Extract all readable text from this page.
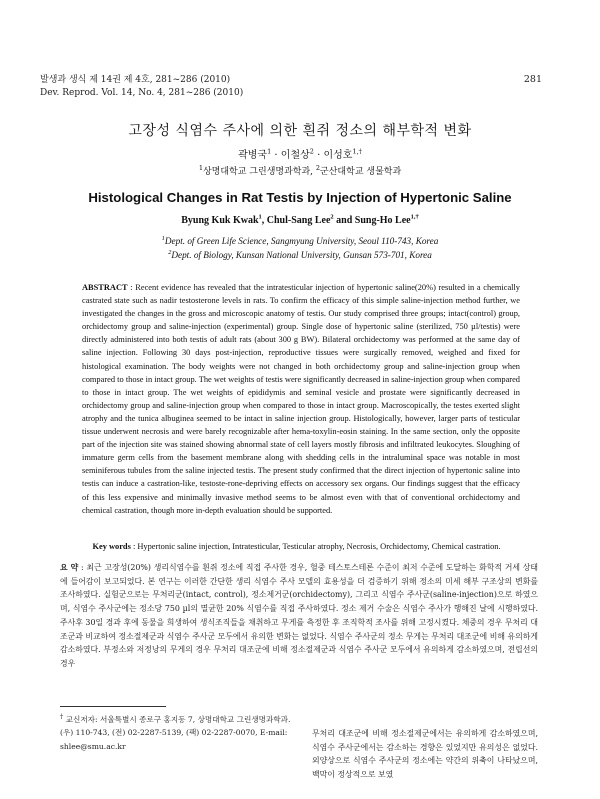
발생과 생식 제 14권 제 4호, 281~286 (2010)
Dev. Reprod. Vol. 14, No. 4, 281~286 (2010)
281
고장성 식염수 주사에 의한 흰쥐 정소의 해부학적 변화
곽병국$^1$ · 이철상$^2$ · 이성호$^{1,\dagger}$
$^1$상명대학교 그린생명과학과, $^2$군산대학교 생물학과
Histological Changes in Rat Testis by Injection of Hypertonic Saline
Byung Kuk Kwak$^1$, Chul-Sang Lee$^2$ and Sung-Ho Lee$^{1,\dagger}$
$^1$Dept. of Green Life Science, Sangmyung University, Seoul 110-743, Korea
$^2$Dept. of Biology, Kunsan National University, Gunsan 573-701, Korea

ABSTRACT : Recent evidence has revealed that the intratesticular injection of hypertonic saline(20%) resulted in a chemically castrated state such as nadir testosterone levels in rats. To confirm the efficacy of this simple saline-injection method further, we investigated the changes in the gross and microscopic anatomy of testis. Our study comprised three groups; intact(control) group, orchidectomy group and saline-injection (experimental) group. Single dose of hypertonic saline (sterilized, 750 µl/testis) were directly administered into both testis of adult rats (about 300 g BW). Bilateral orchidectomy was performed at the same day of saline injection. Following 30 days post-injection, reproductive tissues were surgically removed, weighed and fixed for histological examination. The body weights were not changed in both orchidectomy group and saline-injection group when compared to those in intact group. The wet weights of testis were significantly decreased in saline-injection group when compared to those in intact group. The wet weights of epididymis and seminal vesicle and prostate were significantly decreased in orchidectomy group and saline-injection group when compared to those in intact group. Macroscopically, the testes exerted slight atrophy and the tunica albuginea seemed to be intact in saline injection group. Histologically, however, larger parts of testicular tissue underwent necrosis and were barely recognizable after hema-toxylin-eosin staining. In the same section, only the opposite part of the injection site was stained showing abnormal state of cell layers mostly fibrosis and infiltrated leukocytes. Sloughing of immature germ cells from the basement membrane along with shedding cells in the intraluminal space was notable in most seminiferous tubules from the saline injected testis. The present study confirmed that the direct injection of hypertonic saline into testis can induce a castration-like, testoste-rone-depriving effects on accessory sex organs. Our findings suggest that the efficacy of this less expensive and minimally invasive method seems to be almost even with that of conventional orchidectomy and chemical castration, though more in-depth evaluation should be supported.

Key words : Hypertonic saline injection, Intratesticular, Testicular atrophy, Necrosis, Orchidectomy, Chemical castration.

요 약 : 최근 고장성(20%) 생리식염수를 흰쥐 정소에 직접 주사한 경우, 혈중 테스토스테론 수준이 최저 수준에 도달하는 화학적 거세 상태에 들어감이 보고되었다. 본 연구는 이러한 간단한 생리 식염수 주사 모델의 효용성을 더 검증하기 위해 정소의 미세 해부 구조상의 변화를 조사하였다. 실험군으로는 무처리군(intact, control), 정소제거군(orchidectomy), 그리고 식염수 주사군(saline-injection)으로 하였으며, 식염수 주사군에는 정소당 750 µl의 멸균한 20% 식염수를 직접 주사하였다. 정소 제거 수술은 식염수 주사가 행해진 날에 시행하였다. 주사후 30일 경과 후에 동물을 희생하여 생식조직들을 채취하고 무게를 측정한 후 조직학적 조사를 위해 고정시켰다. 체중의 경우 무처리 대조군과 비교하여 정소절제군과 식염수 주사군 모두에서 유의한 변화는 없었다. 식염수 주사군의 정소 무게는 무처리 대조군에 비해 유의하게 감소하였다. 부정소와 저정낭의 무게의 경우 무처리 대조군에 비해 정소절제군과 식염수 주사군 모두에서 유의하게 감소하였으며, 전립선의 경우

무처리 대조군에 비해 정소절제군에서는 유의하게 감소하였으며, 식염수 주사군에서는 감소하는 경향은 있었지만 유의성은 없었다. 외양상으로 식염수 주사군의 정소에는 약간의 위축이 나타났으며, 백막이 정상적으로 보였

† 교신저자: 서울특별시 종로구 홍지동 7, 상명대학교 그린생명과학과. (우) 110-743, (전) 02-2287-5139, (팩) 02-2287-0070, E-mail: shlee@smu.ac.kr
